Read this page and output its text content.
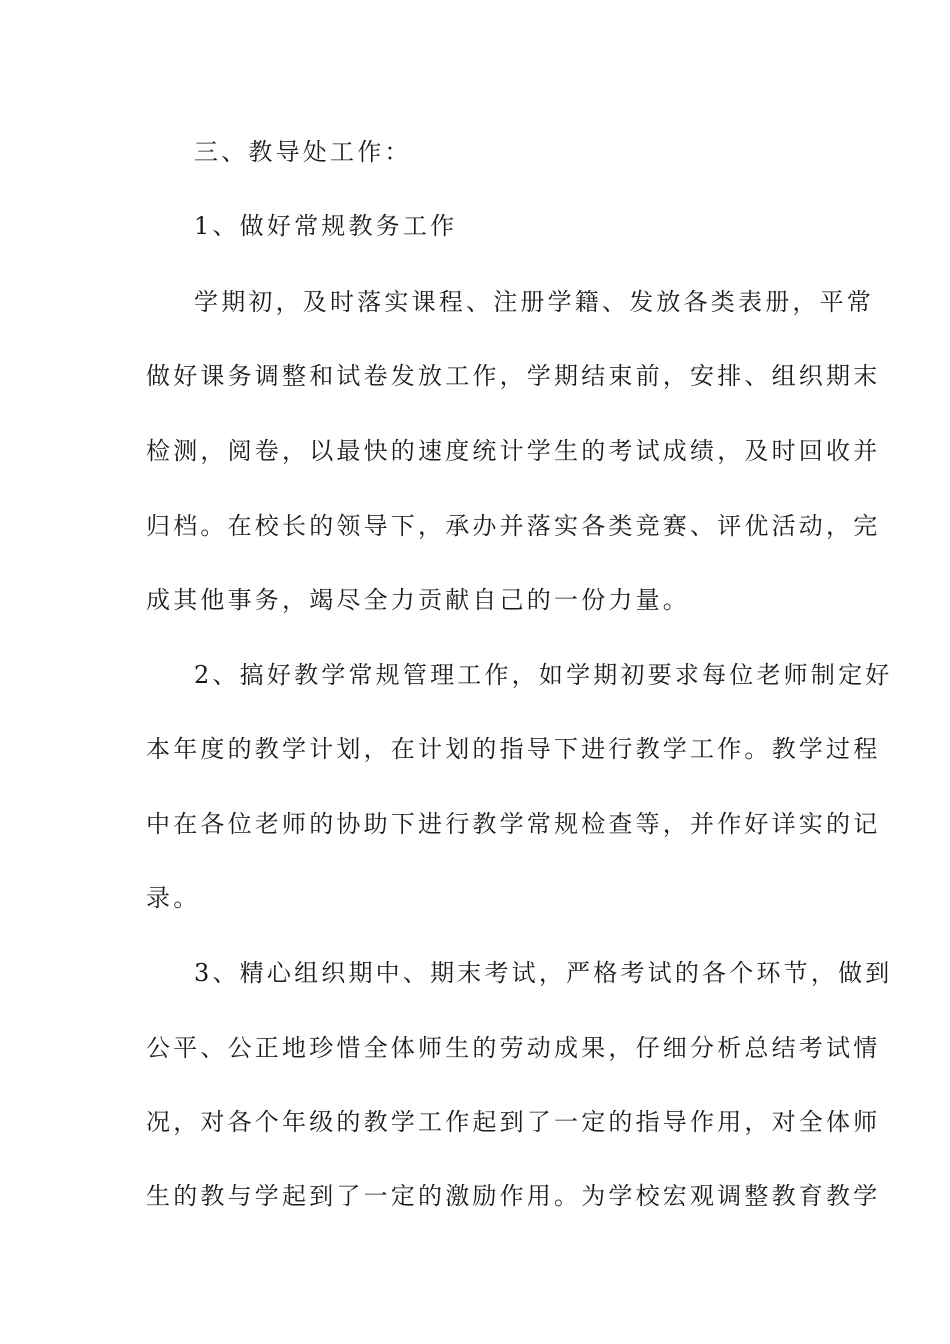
三、教导处工作：
1、做好常规教务工作
学期初，及时落实课程、注册学籍、发放各类表册，平常
做好课务调整和试卷发放工作，学期结束前，安排、组织期末
检测，阅卷，以最快的速度统计学生的考试成绩，及时回收并
归档。在校长的领导下，承办并落实各类竞赛、评优活动，完
成其他事务，竭尽全力贡献自己的一份力量。
2、搞好教学常规管理工作，如学期初要求每位老师制定好
本年度的教学计划，在计划的指导下进行教学工作。教学过程
中在各位老师的协助下进行教学常规检查等，并作好详实的记
录。
3、精心组织期中、期末考试，严格考试的各个环节，做到
公平、公正地珍惜全体师生的劳动成果，仔细分析总结考试情
况，对各个年级的教学工作起到了一定的指导作用，对全体师
生的教与学起到了一定的激励作用。为学校宏观调整教育教学
